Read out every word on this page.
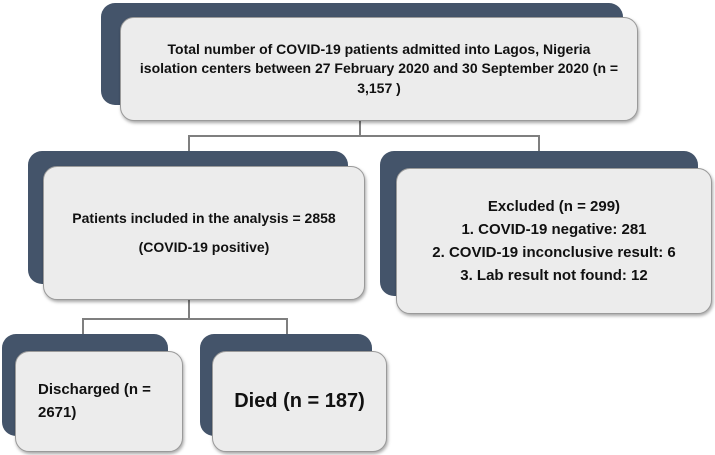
Total number of COVID-19 patients admitted into Lagos, Nigeria isolation centers between 27 February 2020 and 30 September 2020 (n = 3,157 )
Patients included in the analysis = 2858
(COVID-19 positive)
Excluded (n = 299)
1. COVID-19 negative: 281
2. COVID-19 inconclusive result: 6
3. Lab result not found: 12
Discharged (n = 2671)	Died (n = 187)
